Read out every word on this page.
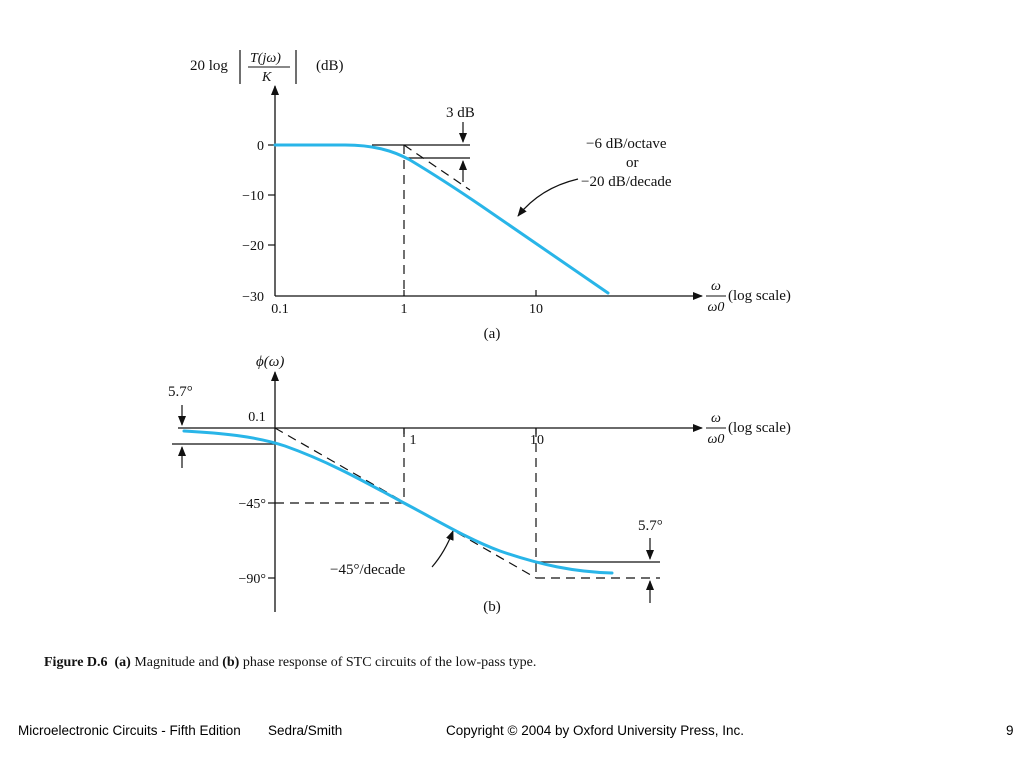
20 log T(jω)
K
(dB)
0
−10
−20
−30
0.1	1	10
ω
ω0
(log scale)
3 dB
−6 dB/octave
or
−20 dB/decade
(a)
ϕ(ω)
0.1
−45°
−90°
1	10
ω
ω0
(log scale)
5.7°
5.7°
−45°/decade
(b)
Figure D.6 (a) Magnitude and (b) phase response of STC circuits of the low-pass type.
Microelectronic Circuits - Fifth Edition Sedra/Smith	Copyright © 2004 by Oxford University Press, Inc.	9
